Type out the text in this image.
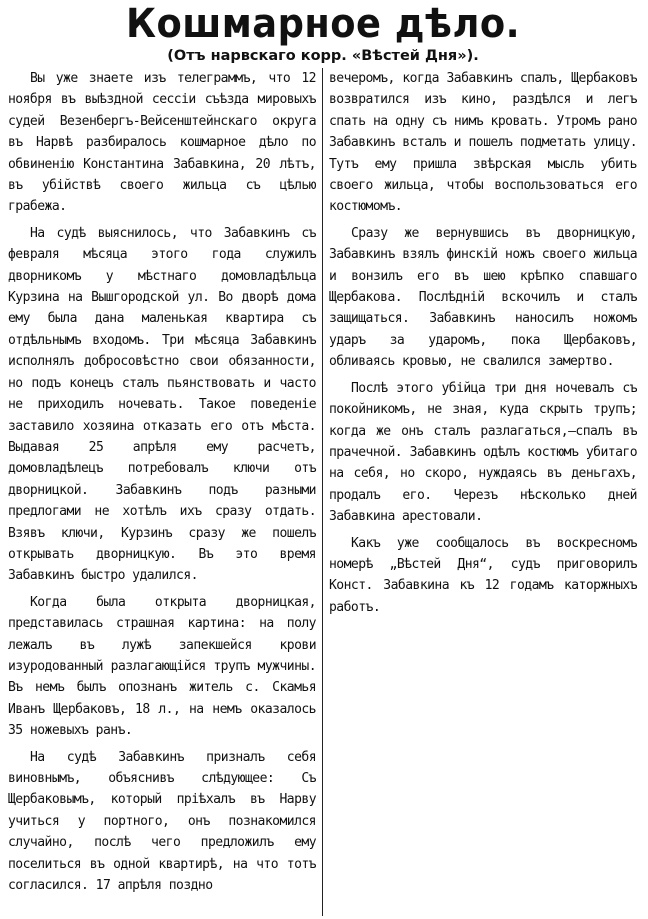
Кошмарное дѣло.
(Отъ нарвскаго корр. «Вѣстей Дня»).

Вы уже знаете изъ телеграммъ, что 12 ноября въ выѣздной сессіи съѣзда мировыхъ судей Везенбергъ-Вейсенштейнскаго округа въ Нарвѣ разбиралось кошмарное дѣло по обвиненію Константина Забавкина, 20 лѣтъ, въ убійствѣ своего жильца съ цѣлью грабежа.

На судѣ выяснилось, что Забавкинъ съ февраля мѣсяца этого года служилъ дворникомъ у мѣстнаго домовладѣльца Курзина на Вышгородской ул. Во дворѣ дома ему была дана маленькая квартира съ отдѣльнымъ входомъ. Три мѣсяца Забавкинъ исполнялъ добросовѣстно свои обязанности, но подъ конецъ сталъ пьянствовать и часто не приходилъ ночевать. Такое поведеніе заставило хозяина отказать его отъ мѣста. Выдавая 25 апрѣля ему расчетъ, домовладѣлецъ потребовалъ ключи отъ дворницкой. Забавкинъ подъ разными предлогами не хотѣлъ ихъ сразу отдать. Взявъ ключи, Курзинъ сразу же пошелъ открывать дворницкую. Въ это время Забавкинъ быстро удалился.

Когда была открыта дворницкая, представилась страшная картина: на полу лежалъ въ лужѣ запекшейся крови изуродованный разлагающійся трупъ мужчины. Въ немъ былъ опознанъ житель с. Скамья Иванъ Щербаковъ, 18 л., на немъ оказалось 35 ножевыхъ ранъ.

На судѣ Забавкинъ призналъ себя виновнымъ, объяснивъ слѣдующее: Съ Щербаковымъ, который пріѣхалъ въ Нарву учиться у портного, онъ познакомился случайно, послѣ чего предложилъ ему поселиться въ одной квартирѣ, на что тотъ согласился. 17 апрѣля поздно

вечеромъ, когда Забавкинъ спалъ, Щербаковъ возвратился изъ кино, раздѣлся и легъ спать на одну съ нимъ кровать. Утромъ рано Забавкинъ всталъ и пошелъ подметать улицу. Тутъ ему пришла звѣрская мысль убить своего жильца, чтобы воспользоваться его костюмомъ.

Сразу же вернувшись въ дворницкую, Забавкинъ взялъ финскій ножъ своего жильца и вонзилъ его въ шею крѣпко спавшаго Щербакова. Послѣдній вскочилъ и сталъ защищаться. Забавкинъ наносилъ ножомъ ударъ за ударомъ, пока Щербаковъ, обливаясь кровью, не свалился замертво.

Послѣ этого убійца три дня ночевалъ съ покойникомъ, не зная, куда скрыть трупъ; когда же онъ сталъ разлагаться,—спалъ въ прачечной. Забавкинъ одѣлъ костюмъ убитаго на себя, но скоро, нуждаясь въ деньгахъ, продалъ его. Черезъ нѣсколько дней Забавкина арестовали.

Какъ уже сообщалось въ воскресномъ номерѣ „Вѣстей Дня“, судъ приговорилъ Конст. Забавкина къ 12 годамъ каторжныхъ работъ.
